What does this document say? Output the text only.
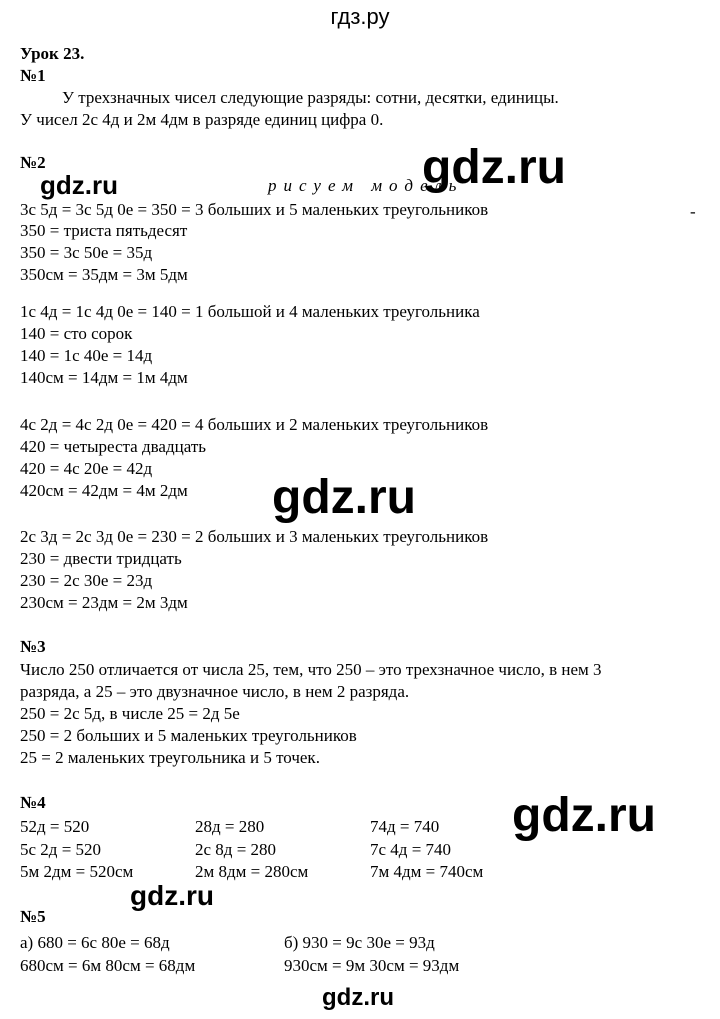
гдз.ру
Урок 23.
№1
У трехзначных чисел следующие разряды: сотни, десятки, единицы.
У чисел 2с 4д и 2м 4дм в разряде единиц цифра 0.
№2
рисуем модель
3с 5д = 3с 5д 0е = 350 = 3 больших и 5 маленьких треугольников
350 = триста пятьдесят
350 = 3с 50е = 35д
350см = 35дм = 3м 5дм
1с 4д = 1с 4д 0е = 140 = 1 большой и 4 маленьких треугольника
140 = сто сорок
140 = 1с 40е = 14д
140см = 14дм = 1м 4дм
4с 2д = 4с 2д 0е = 420 = 4 больших и 2 маленьких треугольников
420 = четыреста двадцать
420 = 4с 20е = 42д
420см = 42дм = 4м 2дм
2с 3д = 2с 3д 0е = 230 = 2 больших и 3 маленьких треугольников
230 = двести тридцать
230 = 2с 30е = 23д
230см = 23дм = 2м 3дм
№3
Число 250 отличается от числа 25, тем, что 250 – это трехзначное число, в нем 3
разряда, а 25 – это двузначное число, в нем 2 разряда.
250 = 2с 5д, в числе 25 = 2д 5е
250 = 2 больших и 5 маленьких треугольников
25 = 2 маленьких треугольника и 5 точек.
№4
52д = 520
5с 2д = 520
5м 2дм = 520см
28д = 280
2с 8д = 280
2м 8дм = 280см
74д = 740
7с 4д = 740
7м 4дм = 740см
№5
а) 680 = 6с 80е = 68д
680см = 6м 80см = 68дм
б) 930 = 9с 30е = 93д
930см = 9м 30см = 93дм
-
gdz.ru
gdz.ru
gdz.ru
gdz.ru
gdz.ru
gdz.ru
